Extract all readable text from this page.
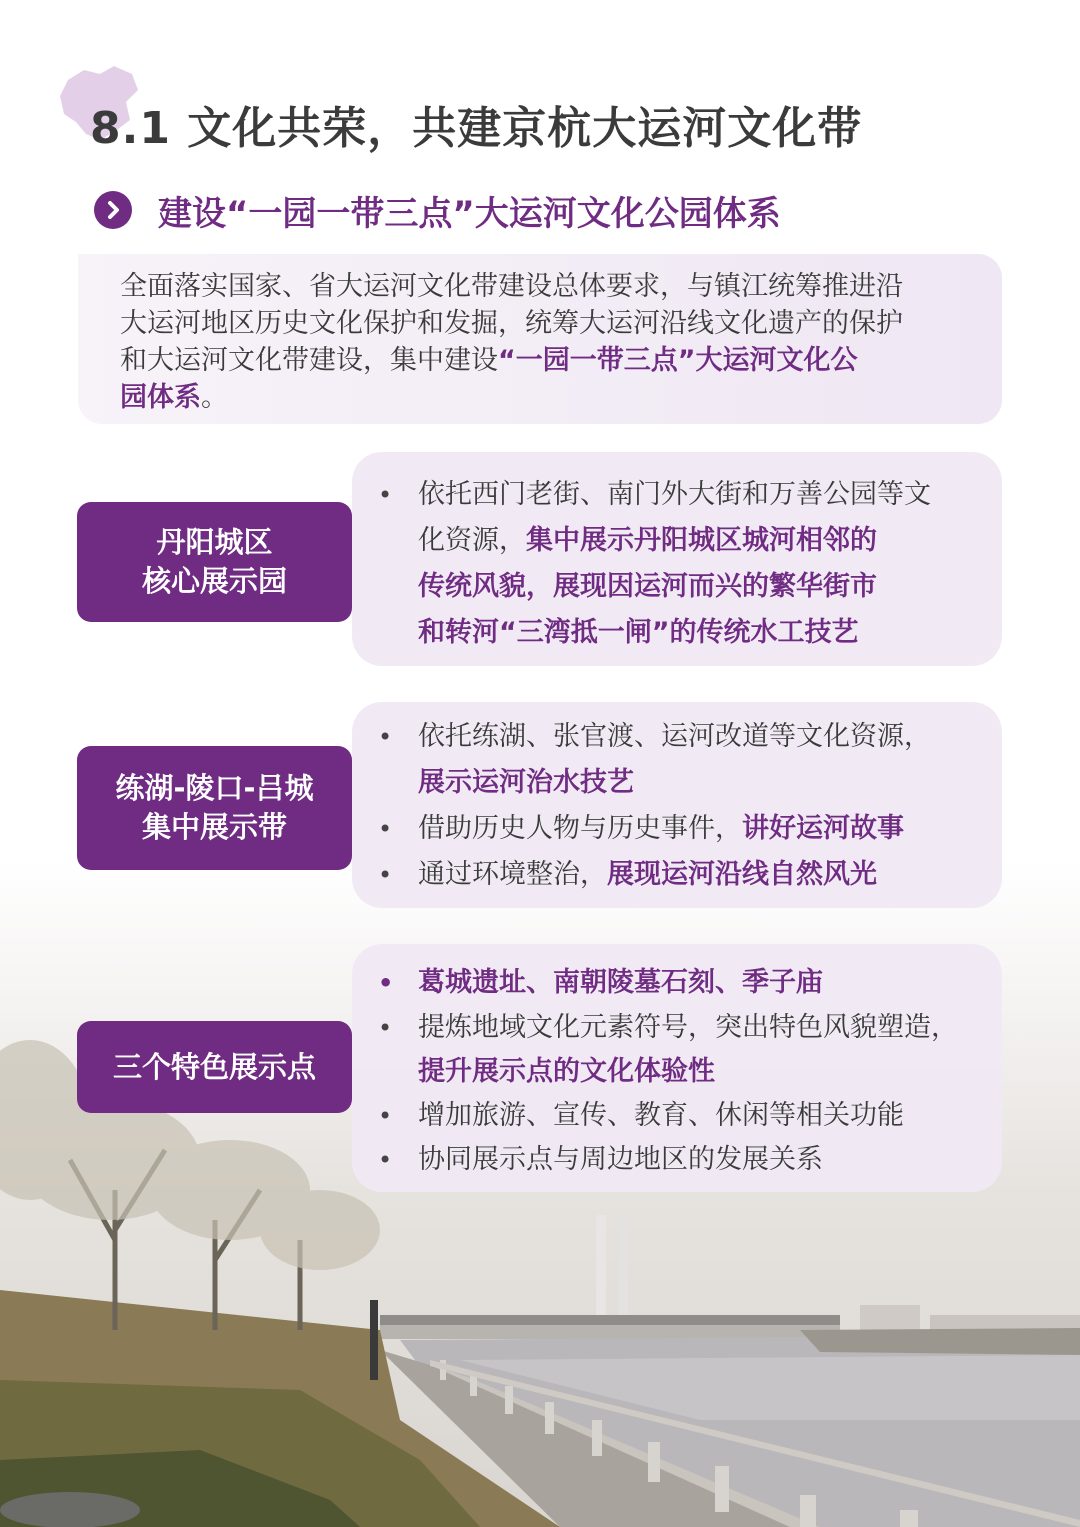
8.1 文化共荣，共建京杭大运河文化带
建设“一园一带三点”大运河文化公园体系
全面落实国家、省大运河文化带建设总体要求，与镇江统筹推进沿
大运河地区历史文化保护和发掘，统筹大运河沿线文化遗产的保护
和大运河文化带建设，集中建设“一园一带三点”大运河文化公
园体系。
丹阳城区
核心展示园
• 依托西门老街、南门外大街和万善公园等文
化资源，集中展示丹阳城区城河相邻的
传统风貌，展现因运河而兴的繁华街市
和转河“三湾抵一闸”的传统水工技艺
练湖-陵口-吕城
集中展示带
• 依托练湖、张官渡、运河改道等文化资源，
展示运河治水技艺
• 借助历史人物与历史事件，讲好运河故事
• 通过环境整治，展现运河沿线自然风光
三个特色展示点
• 葛城遗址、南朝陵墓石刻、季子庙
• 提炼地域文化元素符号，突出特色风貌塑造，
提升展示点的文化体验性
• 增加旅游、宣传、教育、休闲等相关功能
• 协同展示点与周边地区的发展关系
